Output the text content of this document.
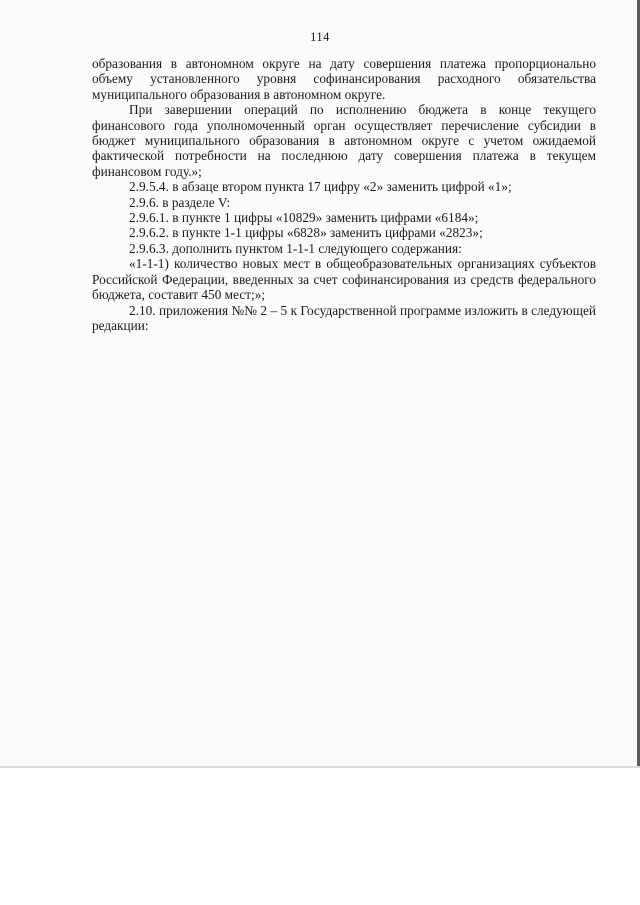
114

образования в автономном округе на дату совершения платежа пропорционально объему установленного уровня софинансирования расходного обязательства муниципального образования в автономном округе.

При завершении операций по исполнению бюджета в конце текущего финансового года уполномоченный орган осуществляет перечисление субсидии в бюджет муниципального образования в автономном округе с учетом ожидаемой фактической потребности на последнюю дату совершения платежа в текущем финансовом году.»;

2.9.5.4. в абзаце втором пункта 17 цифру «2» заменить цифрой «1»;

2.9.6. в разделе V:

2.9.6.1. в пункте 1 цифры «10829» заменить цифрами «6184»;

2.9.6.2. в пункте 1-1 цифры «6828» заменить цифрами «2823»;

2.9.6.3. дополнить пунктом 1-1-1 следующего содержания:

«1-1-1) количество новых мест в общеобразовательных организациях субъектов Российской Федерации, введенных за счет софинансирования из средств федерального бюджета, составит 450 мест;»;

2.10. приложения №№ 2 – 5 к Государственной программе изложить в следующей редакции:
